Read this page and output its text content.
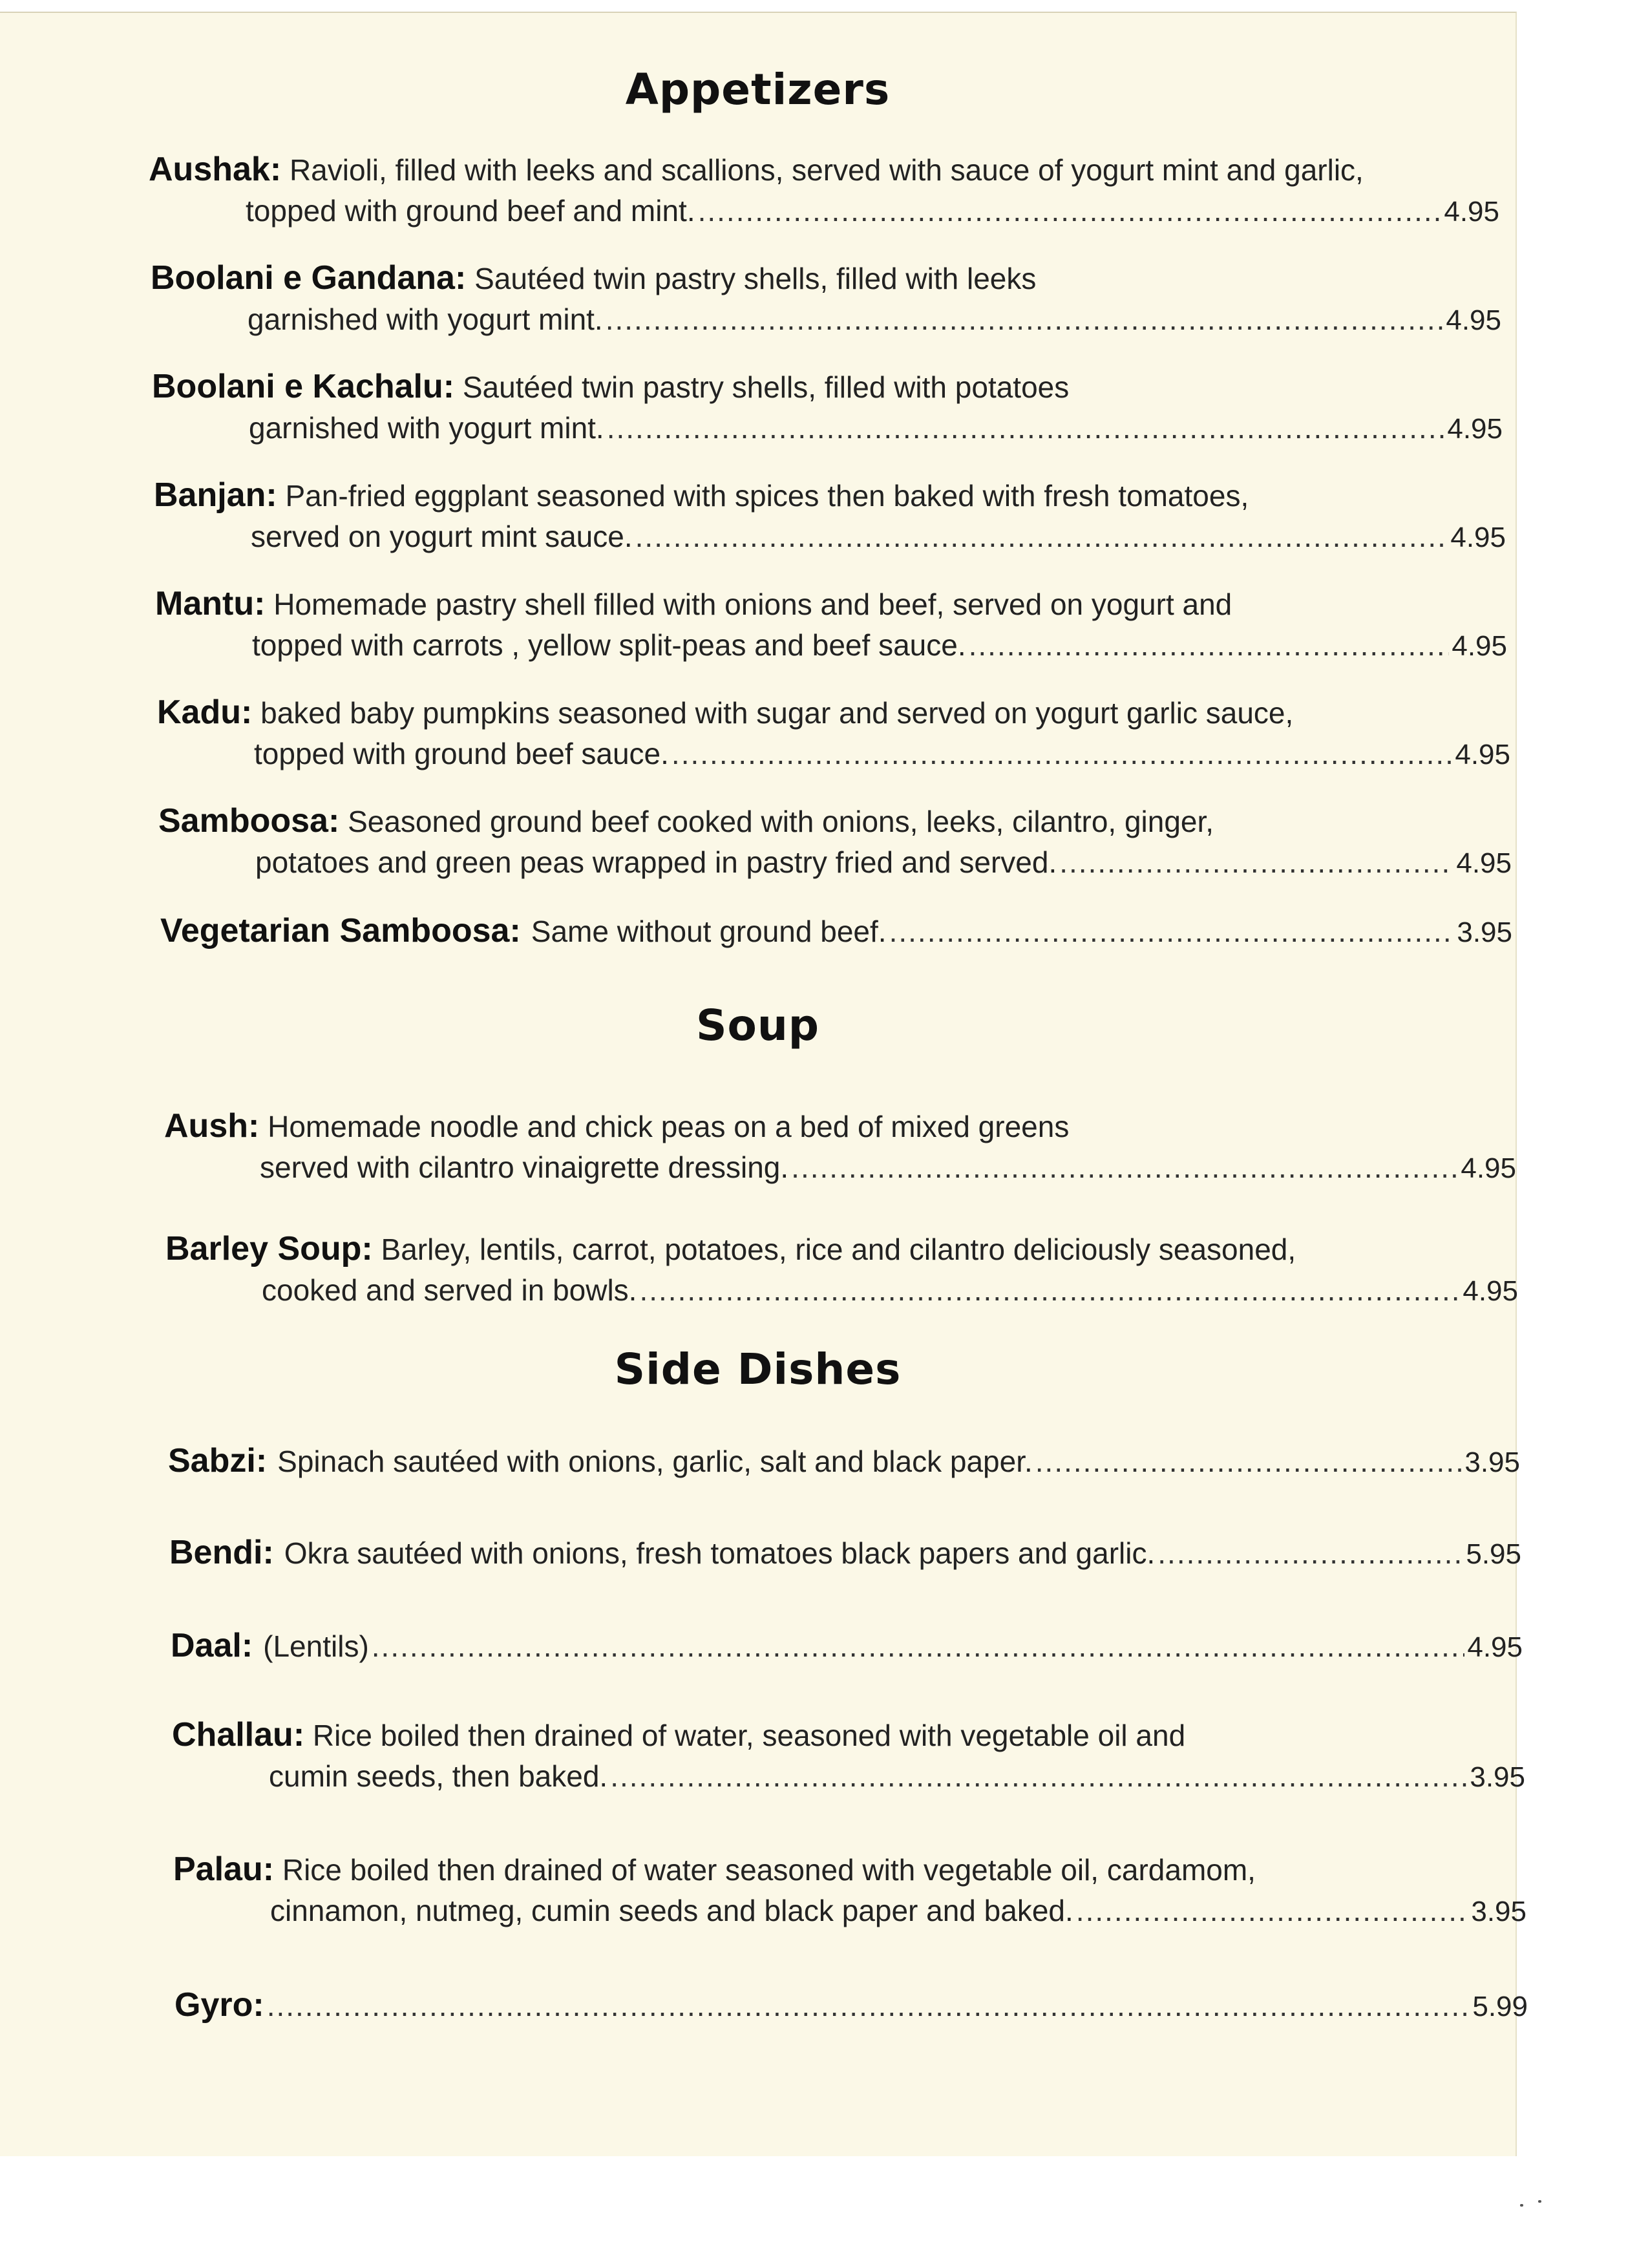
Appetizers
Aushak: Ravioli, filled with leeks and scallions, served with sauce of yogurt mint and garlic,
topped with ground beef and mint. .....	4.95
Boolani e Gandana: Sautéed twin pastry shells, filled with leeks
garnished with yogurt mint. .....	4.95
Boolani e Kachalu: Sautéed twin pastry shells, filled with potatoes
garnished with yogurt mint. .....	4.95
Banjan: Pan-fried eggplant seasoned with spices then baked with fresh tomatoes,
served on yogurt mint sauce. .....	4.95
Mantu: Homemade pastry shell filled with onions and beef, served on yogurt and
topped with carrots , yellow split-peas and beef sauce. .....	4.95
Kadu: baked baby pumpkins seasoned with sugar and served on yogurt garlic sauce,
topped with ground beef sauce. .....	4.95
Samboosa: Seasoned ground beef cooked with onions, leeks, cilantro, ginger,
potatoes and green peas wrapped in pastry fried and served. .....	4.95
Vegetarian Samboosa: Same without ground beef. .....	3.95
Soup
Aush: Homemade noodle and chick peas on a bed of mixed greens
served with cilantro vinaigrette dressing. .....	4.95
Barley Soup: Barley, lentils, carrot, potatoes, rice and cilantro deliciously seasoned,
cooked and served in bowls. .....	4.95
Side Dishes
Sabzi: Spinach sautéed with onions, garlic, salt and black paper. .....	3.95
Bendi: Okra sautéed with onions, fresh tomatoes black papers and garlic. .....	5.95
Daal: (Lentils) .....	4.95
Challau: Rice boiled then drained of water, seasoned with vegetable oil and
cumin seeds, then baked. .....	3.95
Palau: Rice boiled then drained of water seasoned with vegetable oil, cardamom,
cinnamon, nutmeg, cumin seeds and black paper and baked. .....	3.95
Gyro: .....	5.99
